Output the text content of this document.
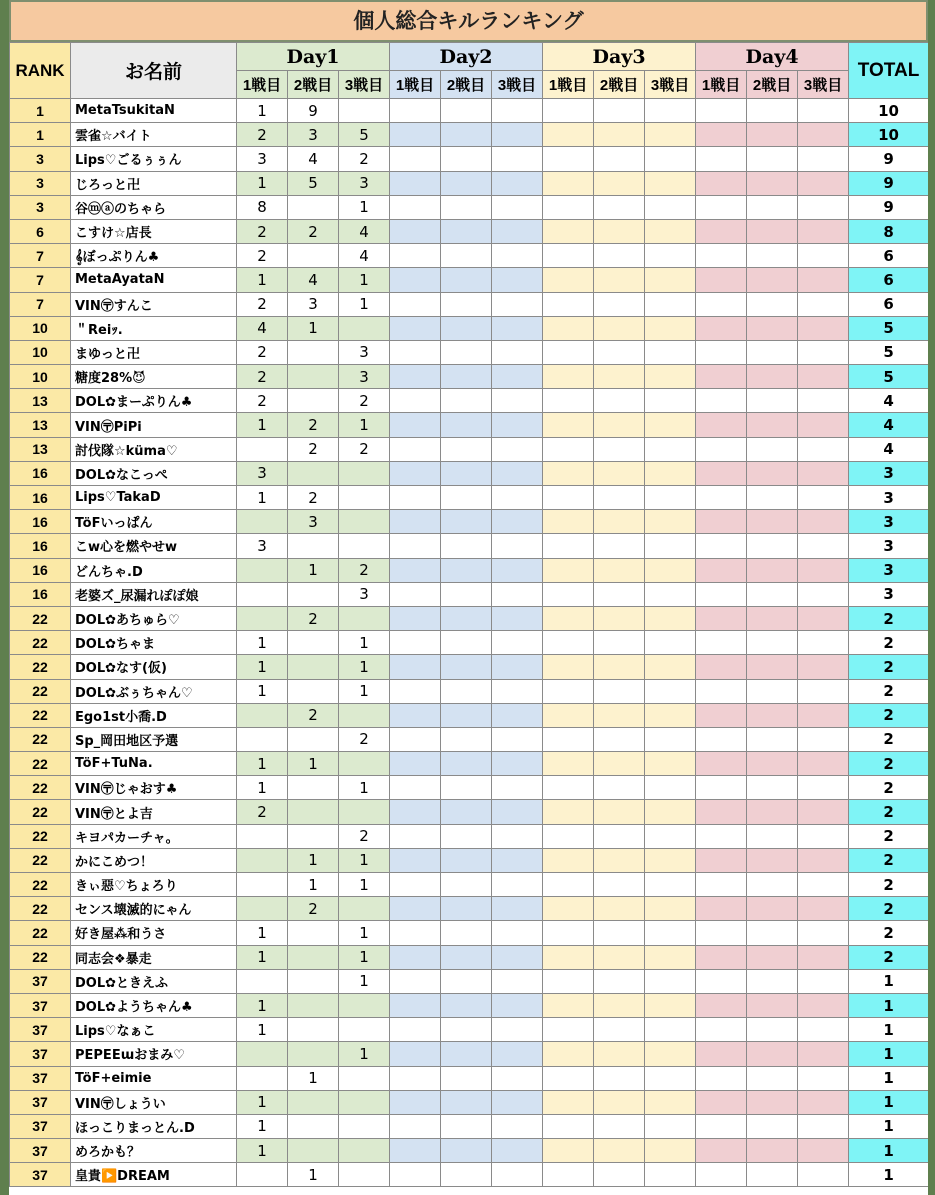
個人総合キルランキング
RANK	お名前	Day1			Day2			Day3			Day4			TOTAL
		1戦目	2戦目	3戦目	1戦目	2戦目	3戦目	1戦目	2戦目	3戦目	1戦目	2戦目	3戦目	
1	MetaTsukitaN	1	9											10
1	雲雀☆バイト	2	3	5										10
3	Lips♡ごるぅぅん	3	4	2										9
3	じろっと卍	1	5	3										9
3	谷ⓜⓐのちゃら	8		1										9
6	こすけ☆店長	2	2	4										8
7	𝄞ぼっぷりん♣	2		4										6
7	MetaAyataN	1	4	1										6
7	VIN〶すんこ	2	3	1										6
10	＂Reiｯ.	4	1											5
10	まゆっと卍	2		3										5
10	糖度28%😈	2		3										5
13	DOL✿まーぷりん♣	2		2										4
13	VIN〶PiPi	1	2	1										4
13	討伐隊☆küma♡		2	2										4
16	DOL✿なこっぺ	3												3
16	Lips♡TakaD	1	2											3
16	TöFいっぱん		3											3
16	こw心を燃やせw	3												3
16	どんちゃ.D		1	2										3
16	老婆ズ_尿漏れぽぽ娘			3										3
22	DOL✿あちゅら♡		2											2
22	DOL✿ちゃま	1		1										2
22	DOL✿なす(仮)	1		1										2
22	DOL✿ぶぅちゃん♡	1		1										2
22	Ego1st小喬.D		2											2
22	Sp_岡田地区予選			2										2
22	TöF+TuNa.	1	1											2
22	VIN〶じゃおす♣	1		1										2
22	VIN〶とよ吉	2												2
22	キヨパカーチャ。			2										2
22	かにこめつ！		1	1										2
22	きぃ惡♡ちょろり		1	1										2
22	センス壊滅的にゃん		2											2
22	好き屋⁂和うさ	1		1										2
22	同志会❖暴走	1		1										2
37	DOL✿ときえふ			1										1
37	DOL✿ようちゃん♣	1												1
37	Lips♡なぁこ	1												1
37	PEPEEɯおまみ♡			1										1
37	TöF+eimie		1											1
37	VIN〶しょうい	1												1
37	ほっこりまっとん.D	1												1
37	めろかも？	1												1
37	皇貴▶️DREAM		1											1
